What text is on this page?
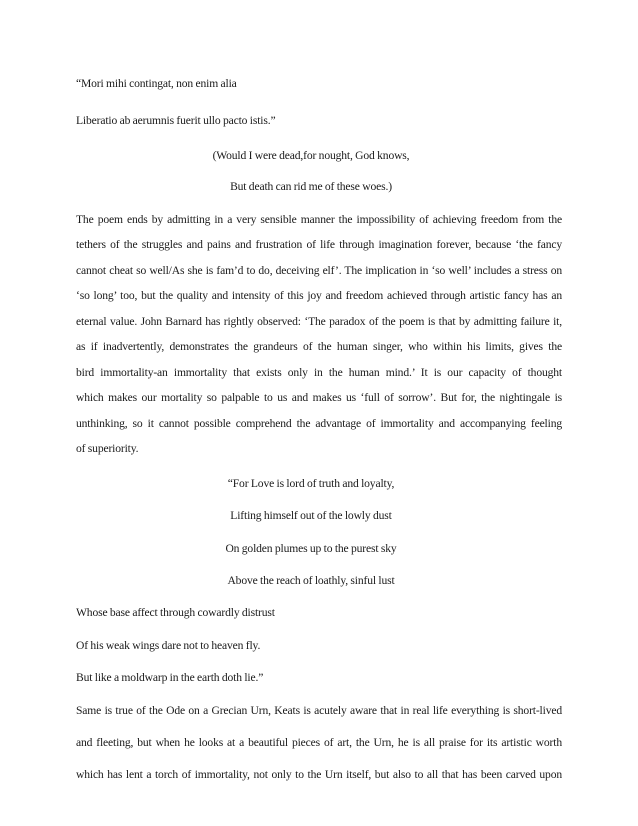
“Mori mihi contingat, non enim alia
Liberatio ab aerumnis fuerit ullo pacto istis.”
(Would I were dead,for nought, God knows,
But death can rid me of these woes.)
The poem ends by admitting in a very sensible manner the impossibility of achieving freedom from the
tethers of the struggles and pains and frustration of life through imagination forever, because ‘the fancy
cannot cheat so well/As she is fam’d to do, deceiving elf’. The implication in ‘so well’ includes a stress on
‘so long’ too, but the quality and intensity of this joy and freedom achieved through artistic fancy has an
eternal value. John Barnard has rightly observed: ‘The paradox of the poem is that by admitting failure it,
as if inadvertently, demonstrates the grandeurs of the human singer, who within his limits, gives the
bird immortality-an immortality that exists only in the human mind.’ It is our capacity of thought
which makes our mortality so palpable to us and makes us ‘full of sorrow’. But for, the nightingale is
unthinking, so it cannot possible comprehend the advantage of immortality and accompanying feeling
of superiority.
“For Love is lord of truth and loyalty,
Lifting himself out of the lowly dust
On golden plumes up to the purest sky
Above the reach of loathly, sinful lust
Whose base affect through cowardly distrust
Of his weak wings dare not to heaven fly.
But like a moldwarp in the earth doth lie.”
Same is true of the Ode on a Grecian Urn, Keats is acutely aware that in real life everything is short-lived
and fleeting, but when he looks at a beautiful pieces of art, the Urn, he is all praise for its artistic worth
which has lent a torch of immortality, not only to the Urn itself, but also to all that has been carved upon
